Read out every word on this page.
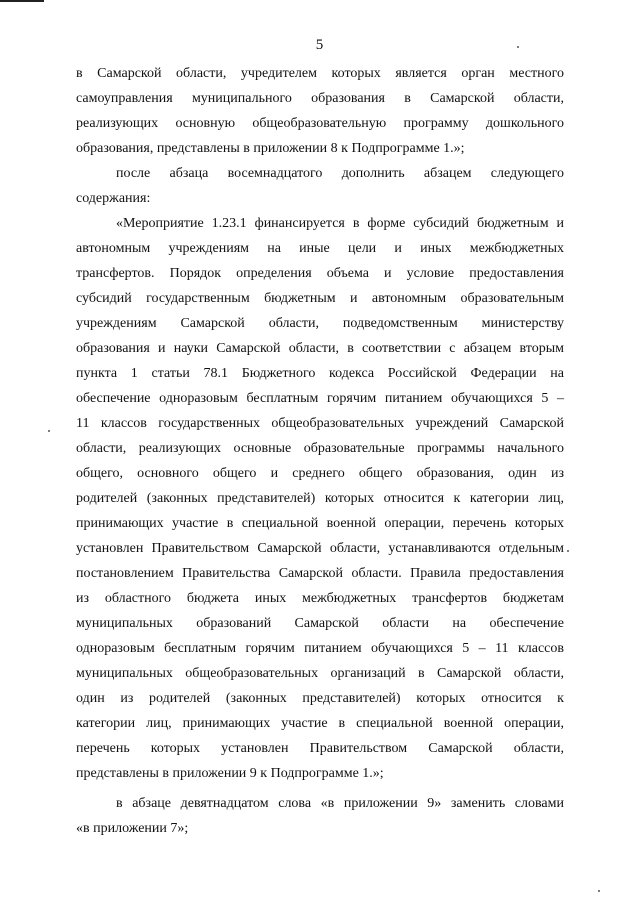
5
в Самарской области, учредителем которых является орган местного
самоуправления муниципального образования в Самарской области,
реализующих основную общеобразовательную программу дошкольного
образования, представлены в приложении 8 к Подпрограмме 1.»;
после абзаца восемнадцатого дополнить абзацем следующего
содержания:
«Мероприятие 1.23.1 финансируется в форме субсидий бюджетным и
автономным учреждениям на иные цели и иных межбюджетных
трансфертов. Порядок определения объема и условие предоставления
субсидий государственным бюджетным и автономным образовательным
учреждениям Самарской области, подведомственным министерству
образования и науки Самарской области, в соответствии с абзацем вторым
пункта 1 статьи 78.1 Бюджетного кодекса Российской Федерации на
обеспечение одноразовым бесплатным горячим питанием обучающихся 5 –
11 классов государственных общеобразовательных учреждений Самарской
области, реализующих основные образовательные программы начального
общего, основного общего и среднего общего образования, один из
родителей (законных представителей) которых относится к категории лиц,
принимающих участие в специальной военной операции, перечень которых
установлен Правительством Самарской области, устанавливаются отдельным
постановлением Правительства Самарской области. Правила предоставления
из областного бюджета иных межбюджетных трансфертов бюджетам
муниципальных образований Самарской области на обеспечение
одноразовым бесплатным горячим питанием обучающихся 5 – 11 классов
муниципальных общеобразовательных организаций в Самарской области,
один из родителей (законных представителей) которых относится к
категории лиц, принимающих участие в специальной военной операции,
перечень которых установлен Правительством Самарской области,
представлены в приложении 9 к Подпрограмме 1.»;
в абзаце девятнадцатом слова «в приложении 9» заменить словами
«в приложении 7»;
